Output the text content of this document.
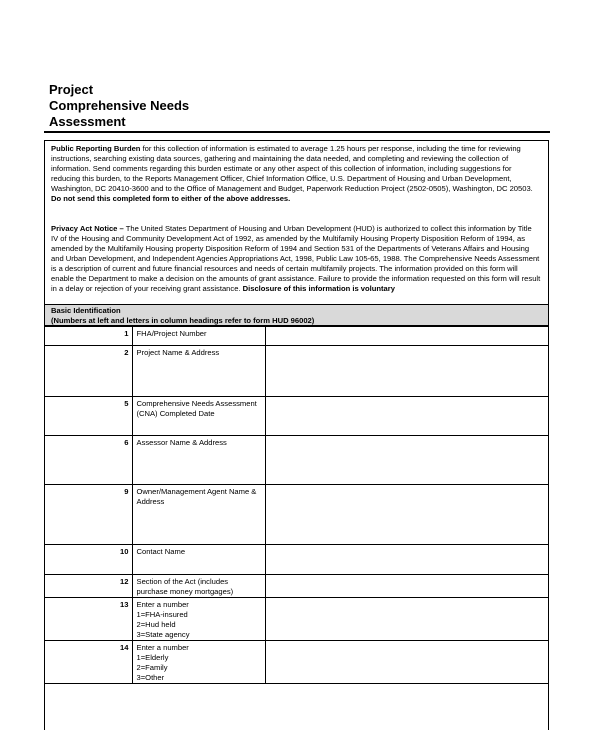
Project
Comprehensive Needs
Assessment
Public Reporting Burden for this collection of information is estimated to average 1.25 hours per response, including the time for reviewing instructions, searching existing data sources, gathering and maintaining the data needed, and completing and reviewing the collection of information. Send comments regarding this burden estimate or any other aspect of this collection of information, including suggestions for reducing this burden, to the Reports Management Officer, Chief Information Office, U.S. Department of Housing and Urban Development, Washington, DC 20410-3600 and to the Office of Management and Budget, Paperwork Reduction Project (2502-0505), Washington, DC 20503. Do not send this completed form to either of the above addresses.
Privacy Act Notice – The United States Department of Housing and Urban Development (HUD) is authorized to collect this information by Title IV of the Housing and Community Development Act of 1992, as amended by the Multifamily Housing Property Disposition Reform of 1994, as amended by the Multifamily Housing property Disposition Reform of 1994 and Section 531 of the Departments of Veterans Affairs and Housing and Urban Development, and Independent Agencies Appropriations Act, 1998, Public Law 105-65, 1988. The Comprehensive Needs Assessment is a description of current and future financial resources and needs of certain multifamily projects. The information provided on this form will enable the Department to make a decision on the amounts of grant assistance. Failure to provide the information requested on this form will result in a delay or rejection of your receiving grant assistance. Disclosure of this information is voluntary
Basic Identification
(Numbers at left and letters in column headings refer to form HUD 96002)
1	FHA/Project Number	
2	Project Name & Address	
5	Comprehensive Needs Assessment (CNA) Completed Date	
6	Assessor Name & Address	
9	Owner/Management Agent Name & Address	
10	Contact Name	
12	Section of the Act (includes purchase money mortgages)	
13	Enter a number
1=FHA-insured
2=Hud held
3=State agency	
14	Enter a number
1=Elderly
2=Family
3=Other	
